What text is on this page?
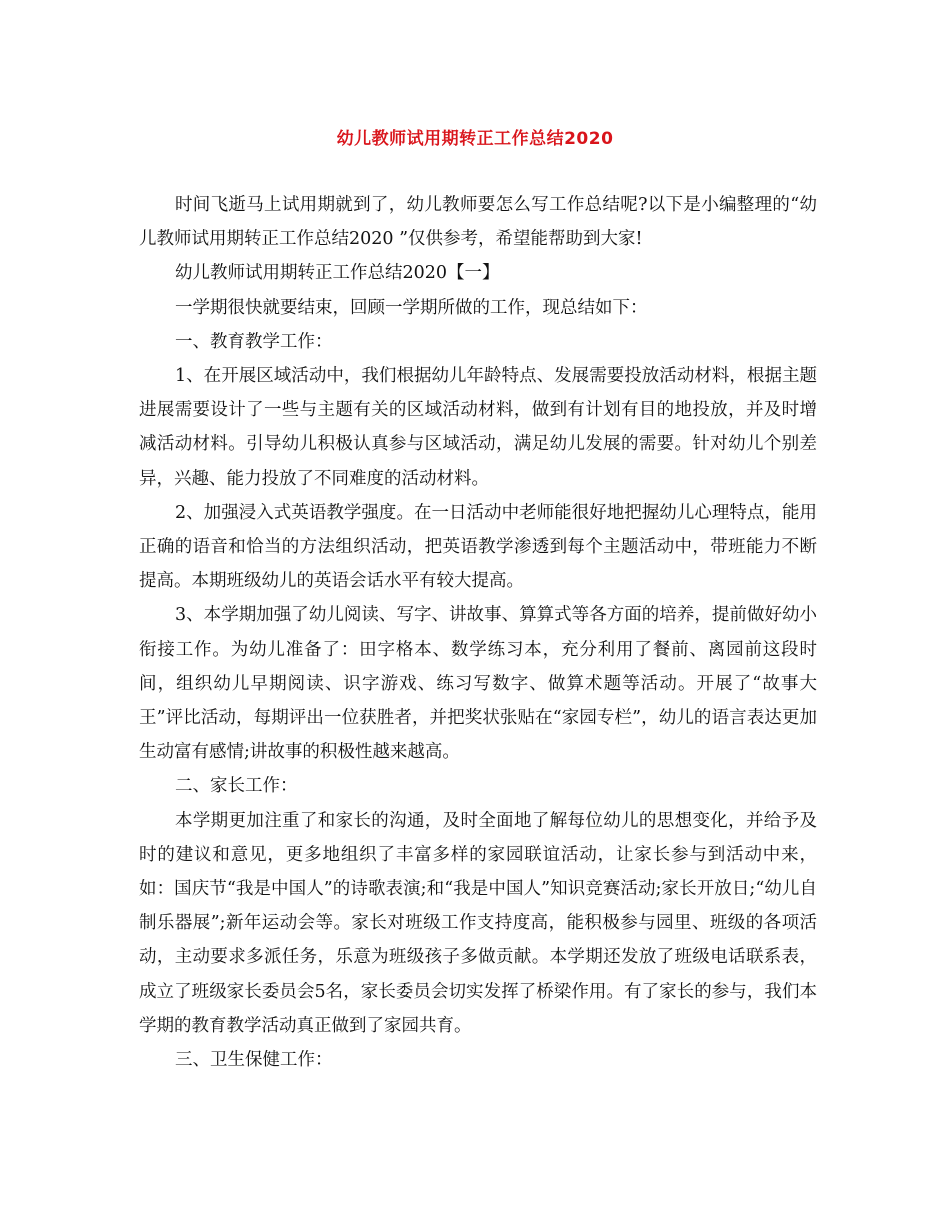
幼儿教师试用期转正工作总结2020

时间飞逝马上试用期就到了，幼儿教师要怎么写工作总结呢?以下是小编整理的“幼儿教师试用期转正工作总结2020 ”仅供参考，希望能帮助到大家!

幼儿教师试用期转正工作总结2020【一】

一学期很快就要结束，回顾一学期所做的工作，现总结如下：

一、教育教学工作：

1、在开展区域活动中，我们根据幼儿年龄特点、发展需要投放活动材料，根据主题进展需要设计了一些与主题有关的区域活动材料，做到有计划有目的地投放，并及时增减活动材料。引导幼儿积极认真参与区域活动，满足幼儿发展的需要。针对幼儿个别差异，兴趣、能力投放了不同难度的活动材料。

2、加强浸入式英语教学强度。在一日活动中老师能很好地把握幼儿心理特点，能用正确的语音和恰当的方法组织活动，把英语教学渗透到每个主题活动中，带班能力不断提高。本期班级幼儿的英语会话水平有较大提高。

3、本学期加强了幼儿阅读、写字、讲故事、算算式等各方面的培养，提前做好幼小衔接工作。为幼儿准备了：田字格本、数学练习本，充分利用了餐前、离园前这段时间，组织幼儿早期阅读、识字游戏、练习写数字、做算术题等活动。开展了“故事大王”评比活动，每期评出一位获胜者，并把奖状张贴在“家园专栏”，幼儿的语言表达更加生动富有感情;讲故事的积极性越来越高。

二、家长工作：

本学期更加注重了和家长的沟通，及时全面地了解每位幼儿的思想变化，并给予及时的建议和意见，更多地组织了丰富多样的家园联谊活动，让家长参与到活动中来，如：国庆节“我是中国人”的诗歌表演;和“我是中国人”知识竞赛活动;家长开放日;“幼儿自制乐器展”;新年运动会等。家长对班级工作支持度高，能积极参与园里、班级的各项活动，主动要求多派任务，乐意为班级孩子多做贡献。本学期还发放了班级电话联系表，成立了班级家长委员会5名，家长委员会切实发挥了桥梁作用。有了家长的参与，我们本学期的教育教学活动真正做到了家园共育。

三、卫生保健工作：
